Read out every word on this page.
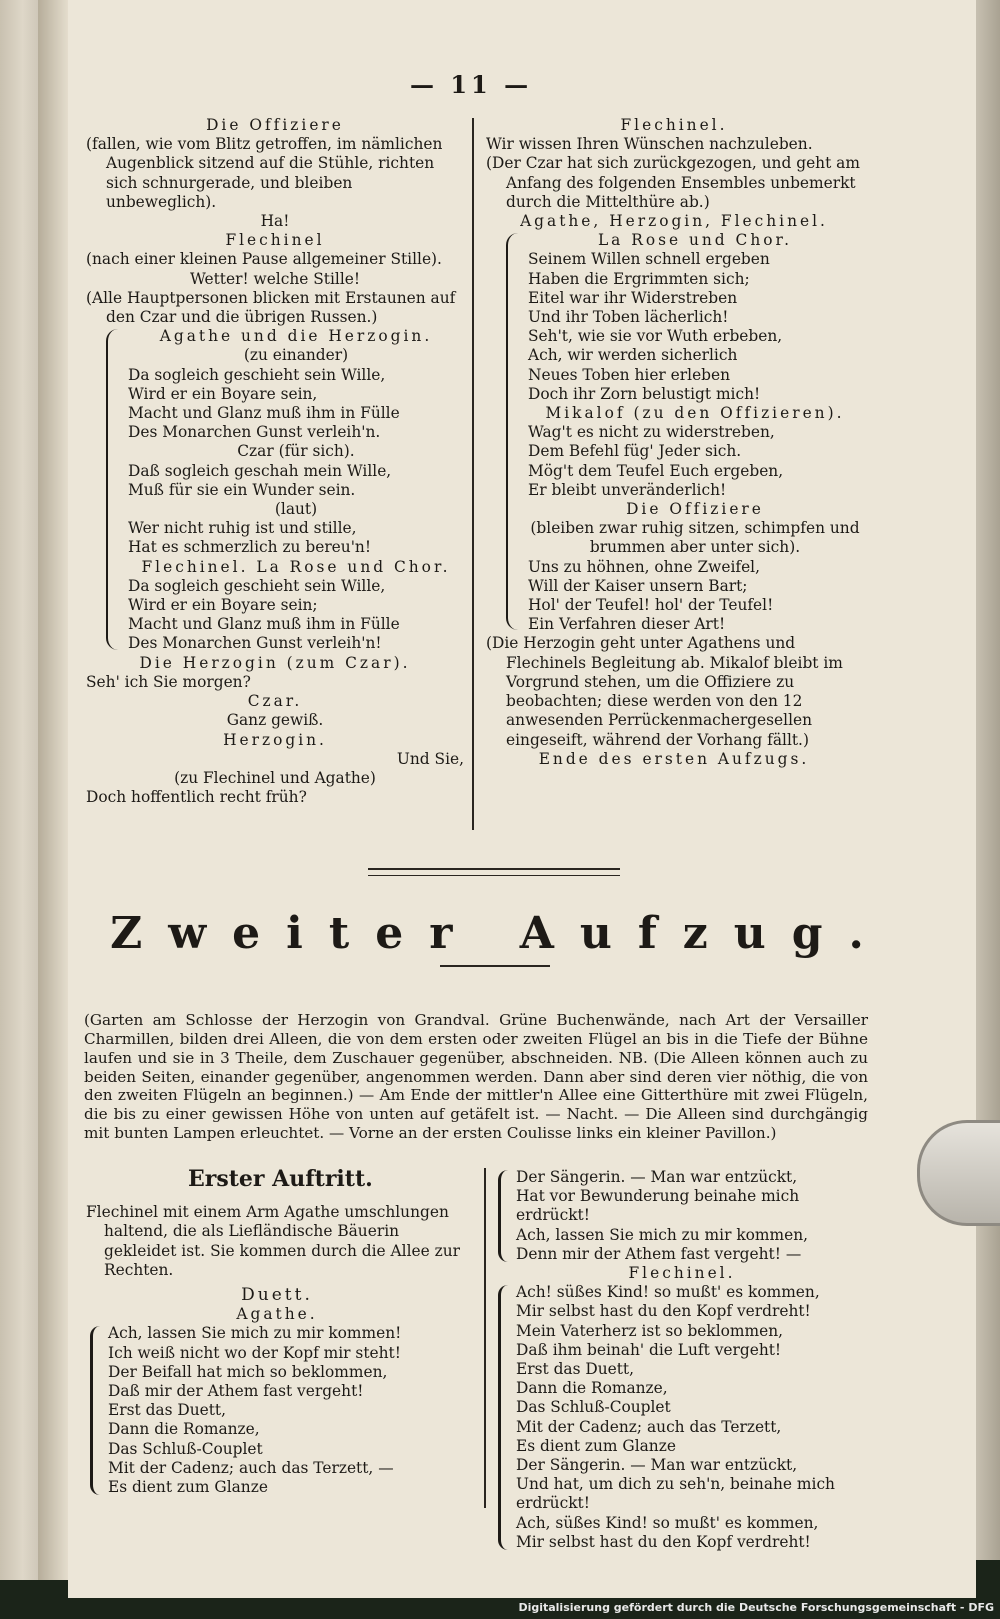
— 11 —

Die Offiziere

(fallen, wie vom Blitz getroffen, im nämlichen Augenblick sitzend auf die Stühle, richten sich schnurgerade, und bleiben unbeweglich).

Ha!

Flechinel

(nach einer kleinen Pause allgemeiner Stille).

Wetter! welche Stille!

(Alle Hauptpersonen blicken mit Erstaunen auf den Czar und die übrigen Russen.)

Agathe und die Herzogin.

(zu einander)

Da sogleich geschieht sein Wille,

Wird er ein Boyare sein,

Macht und Glanz muß ihm in Fülle

Des Monarchen Gunst verleih'n.

Czar (für sich).

Daß sogleich geschah mein Wille,

Muß für sie ein Wunder sein.

(laut)

Wer nicht ruhig ist und stille,

Hat es schmerzlich zu bereu'n!

Flechinel. La Rose und Chor.

Da sogleich geschieht sein Wille,

Wird er ein Boyare sein;

Macht und Glanz muß ihm in Fülle

Des Monarchen Gunst verleih'n!

Die Herzogin (zum Czar).

Seh' ich Sie morgen?

Czar.

Ganz gewiß.

Herzogin.

Und Sie,

(zu Flechinel und Agathe)

Doch hoffentlich recht früh?

Flechinel.

Wir wissen Ihren Wünschen nachzuleben.

(Der Czar hat sich zurückgezogen, und geht am Anfang des folgenden Ensembles unbemerkt durch die Mittelthüre ab.)

Agathe, Herzogin, Flechinel.

La Rose und Chor.

Seinem Willen schnell ergeben

Haben die Ergrimmten sich;

Eitel war ihr Widerstreben

Und ihr Toben lächerlich!

Seh't, wie sie vor Wuth erbeben,

Ach, wir werden sicherlich

Neues Toben hier erleben

Doch ihr Zorn belustigt mich!

Mikalof (zu den Offizieren).

Wag't es nicht zu widerstreben,

Dem Befehl füg' Jeder sich.

Mög't dem Teufel Euch ergeben,

Er bleibt unveränderlich!

Die Offiziere

(bleiben zwar ruhig sitzen, schimpfen und brummen aber unter sich).

Uns zu höhnen, ohne Zweifel,

Will der Kaiser unsern Bart;

Hol' der Teufel! hol' der Teufel!

Ein Verfahren dieser Art!

(Die Herzogin geht unter Agathens und Flechinels Begleitung ab. Mikalof bleibt im Vorgrund stehen, um die Offiziere zu beobachten; diese werden von den 12 anwesenden Perrückenmachergesellen eingeseift, während der Vorhang fällt.)

Ende des ersten Aufzugs.

Zweiter Aufzug.

(Garten am Schlosse der Herzogin von Grandval. Grüne Buchenwände, nach Art der Versailler Charmillen, bilden drei Alleen, die von dem ersten oder zweiten Flügel an bis in die Tiefe der Bühne laufen und sie in 3 Theile, dem Zuschauer gegenüber, abschneiden. NB. (Die Alleen können auch zu beiden Seiten, einander gegenüber, angenommen werden. Dann aber sind deren vier nöthig, die von den zweiten Flügeln an beginnen.) — Am Ende der mittler'n Allee eine Gitterthüre mit zwei Flügeln, die bis zu einer gewissen Höhe von unten auf getäfelt ist. — Nacht. — Die Alleen sind durchgängig mit bunten Lampen erleuchtet. — Vorne an der ersten Coulisse links ein kleiner Pavillon.)

Erster Auftritt.

Flechinel mit einem Arm Agathe umschlungen haltend, die als Liefländische Bäuerin gekleidet ist. Sie kommen durch die Allee zur Rechten.

Duett.

Agathe.

Ach, lassen Sie mich zu mir kommen!

Ich weiß nicht wo der Kopf mir steht!

Der Beifall hat mich so beklommen,

Daß mir der Athem fast vergeht!

Erst das Duett,

Dann die Romanze,

Das Schluß-Couplet

Mit der Cadenz; auch das Terzett, —

Es dient zum Glanze

Der Sängerin. — Man war entzückt,

Hat vor Bewunderung beinahe mich erdrückt!

Ach, lassen Sie mich zu mir kommen,

Denn mir der Athem fast vergeht! —

Flechinel.

Ach! süßes Kind! so mußt' es kommen,

Mir selbst hast du den Kopf verdreht!

Mein Vaterherz ist so beklommen,

Daß ihm beinah' die Luft vergeht!

Erst das Duett,

Dann die Romanze,

Das Schluß-Couplet

Mit der Cadenz; auch das Terzett,

Es dient zum Glanze

Der Sängerin. — Man war entzückt,

Und hat, um dich zu seh'n, beinahe mich erdrückt!

Ach, süßes Kind! so mußt' es kommen,

Mir selbst hast du den Kopf verdreht!

Digitalisierung gefördert durch die Deutsche Forschungsgemeinschaft - DFG
